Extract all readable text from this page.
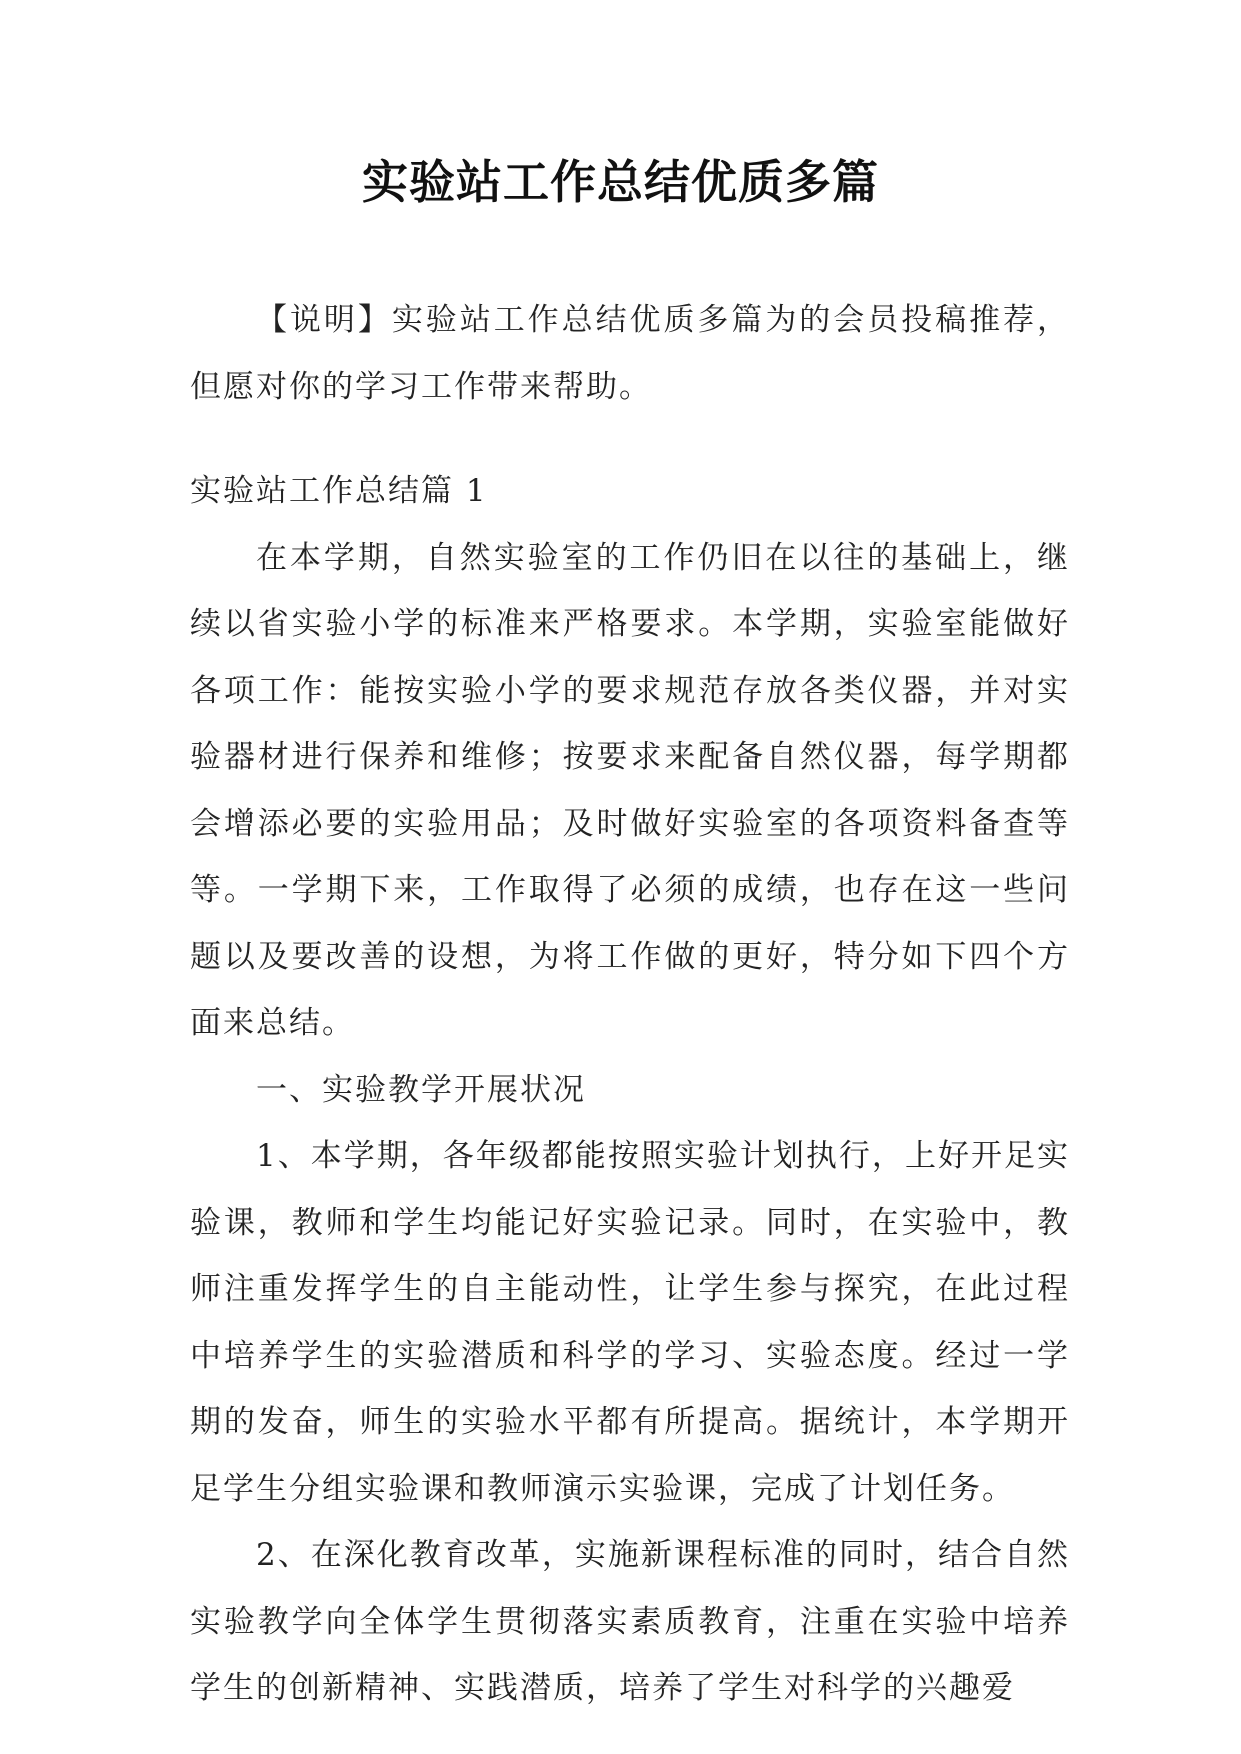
实验站工作总结优质多篇

【说明】实验站工作总结优质多篇为的会员投稿推荐，但愿对你的学习工作带来帮助。

实验站工作总结篇 1

在本学期，自然实验室的工作仍旧在以往的基础上，继续以省实验小学的标准来严格要求。本学期，实验室能做好各项工作：能按实验小学的要求规范存放各类仪器，并对实验器材进行保养和维修；按要求来配备自然仪器，每学期都会增添必要的实验用品；及时做好实验室的各项资料备查等等。一学期下来，工作取得了必须的成绩，也存在这一些问题以及要改善的设想，为将工作做的更好，特分如下四个方面来总结。

一、实验教学开展状况

1、本学期，各年级都能按照实验计划执行，上好开足实验课，教师和学生均能记好实验记录。同时，在实验中，教师注重发挥学生的自主能动性，让学生参与探究，在此过程中培养学生的实验潜质和科学的学习、实验态度。经过一学期的发奋，师生的实验水平都有所提高。据统计，本学期开足学生分组实验课和教师演示实验课，完成了计划任务。

2、在深化教育改革，实施新课程标准的同时，结合自然实验教学向全体学生贯彻落实素质教育，注重在实验中培养学生的创新精神、实践潜质，培养了学生对科学的兴趣爱
